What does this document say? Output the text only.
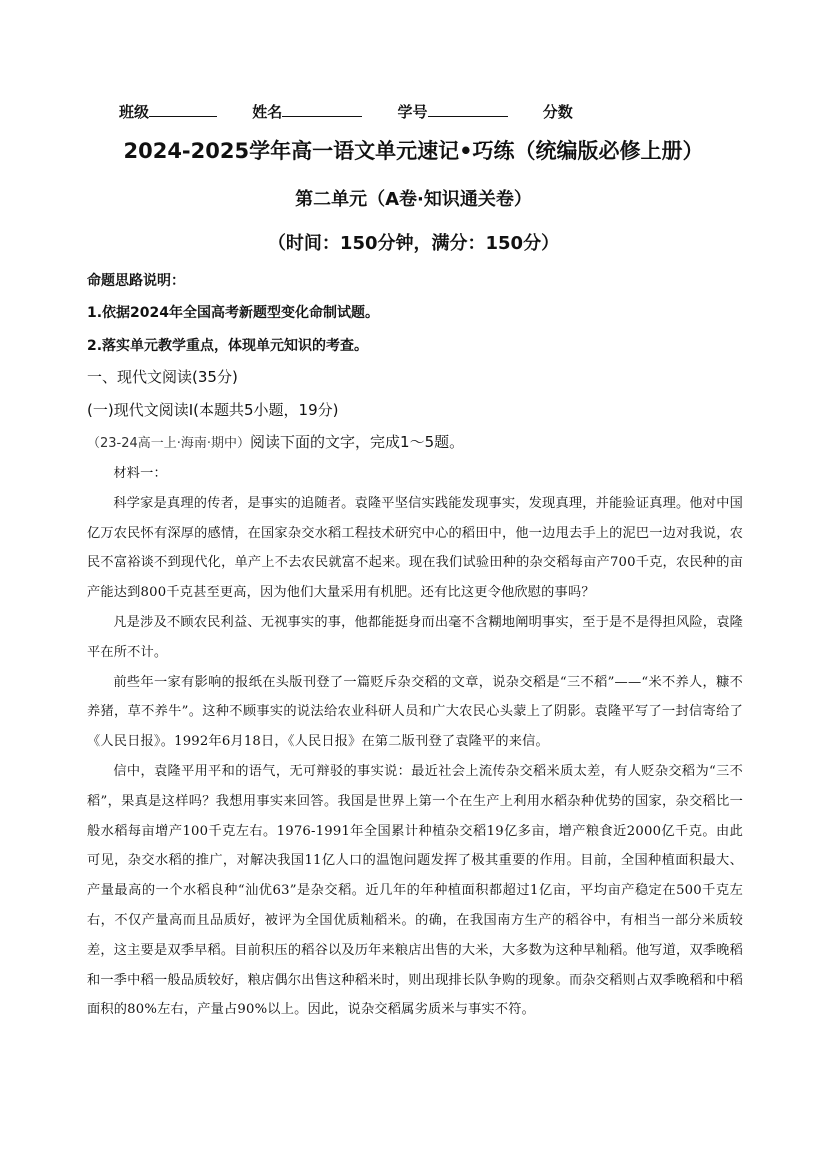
班级	姓名	学号	分数
2024-2025学年高一语文单元速记•巧练（统编版必修上册）
第二单元（A卷·知识通关卷）
（时间：150分钟，满分：150分）
命题思路说明：
1.依据2024年全国高考新题型变化命制试题。
2.落实单元教学重点，体现单元知识的考查。
一、现代文阅读(35分)
(一)现代文阅读Ⅰ(本题共5小题，19分)
（23-24高一上·海南·期中）阅读下面的文字，完成1～5题。

材料一：

科学家是真理的传者，是事实的追随者。袁隆平坚信实践能发现事实，发现真理，并能验证真理。他对中国亿万农民怀有深厚的感情，在国家杂交水稻工程技术研究中心的稻田中，他一边甩去手上的泥巴一边对我说，农民不富裕谈不到现代化，单产上不去农民就富不起来。现在我们试验田种的杂交稻每亩产700千克，农民种的亩产能达到800千克甚至更高，因为他们大量采用有机肥。还有比这更令他欣慰的事吗？

凡是涉及不顾农民利益、无视事实的事，他都能挺身而出毫不含糊地阐明事实，至于是不是得担风险，袁隆平在所不计。

前些年一家有影响的报纸在头版刊登了一篇贬斥杂交稻的文章，说杂交稻是“三不稻”——“米不养人，糠不养猪，草不养牛”。这种不顾事实的说法给农业科研人员和广大农民心头蒙上了阴影。袁隆平写了一封信寄给了《人民日报》。1992年6月18日，《人民日报》在第二版刊登了袁隆平的来信。

信中，袁隆平用平和的语气，无可辩驳的事实说：最近社会上流传杂交稻米质太差，有人贬杂交稻为“三不稻”，果真是这样吗？我想用事实来回答。我国是世界上第一个在生产上利用水稻杂种优势的国家，杂交稻比一般水稻每亩增产100千克左右。1976-1991年全国累计种植杂交稻19亿多亩，增产粮食近2000亿千克。由此可见，杂交水稻的推广，对解决我国11亿人口的温饱问题发挥了极其重要的作用。目前，全国种植面积最大、产量最高的一个水稻良种“汕优63”是杂交稻。近几年的年种植面积都超过1亿亩，平均亩产稳定在500千克左右，不仅产量高而且品质好，被评为全国优质籼稻米。的确，在我国南方生产的稻谷中，有相当一部分米质较差，这主要是双季早稻。目前积压的稻谷以及历年来粮店出售的大米，大多数为这种早籼稻。他写道，双季晚稻和一季中稻一般品质较好，粮店偶尔出售这种稻米时，则出现排长队争购的现象。而杂交稻则占双季晚稻和中稻面积的80%左右，产量占90%以上。因此，说杂交稻属劣质米与事实不符。
